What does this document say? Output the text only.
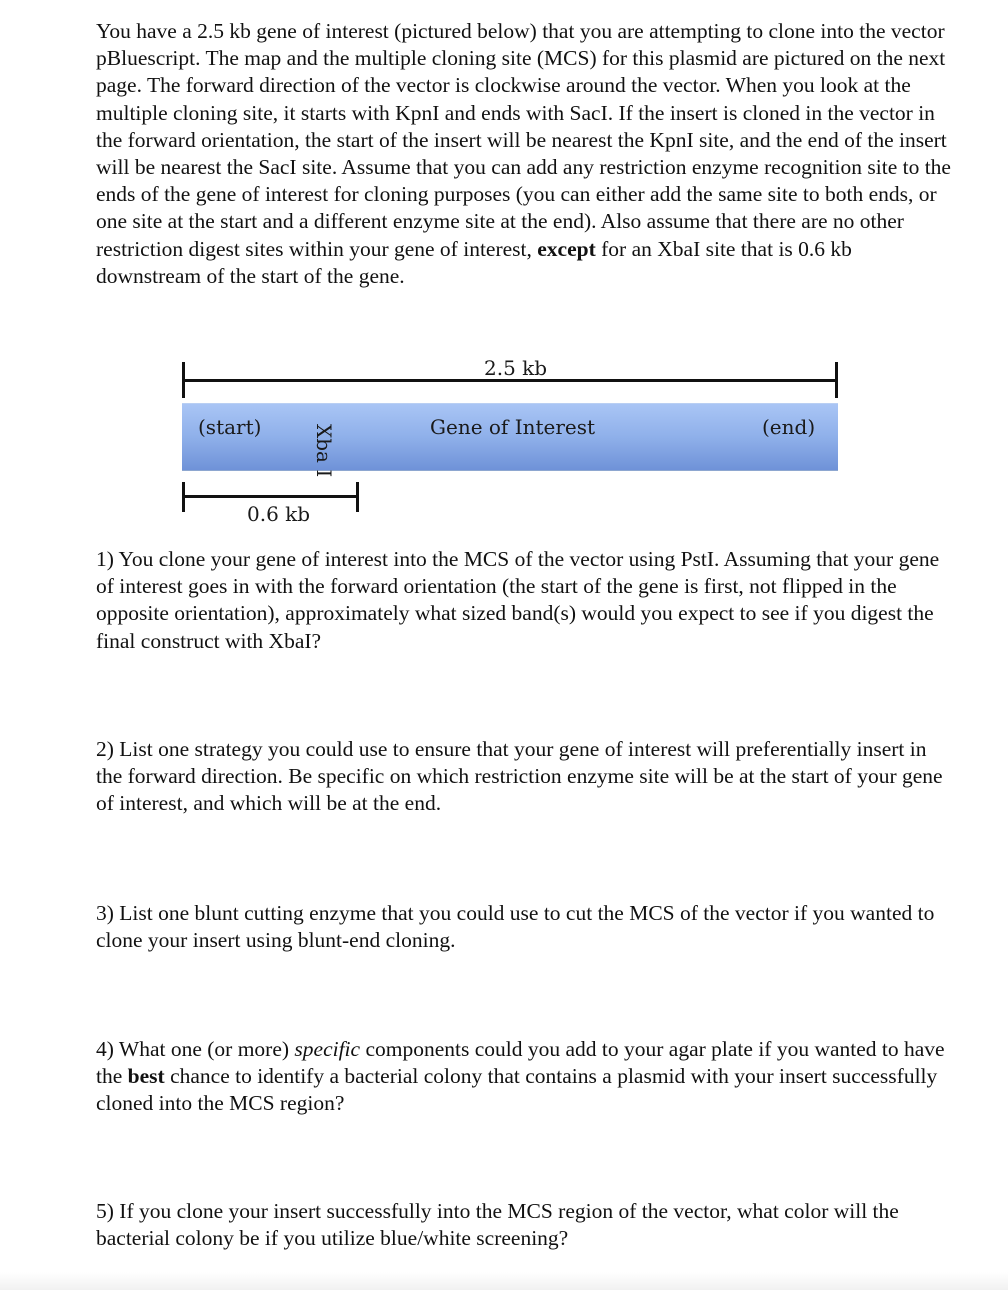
You have a 2.5 kb gene of interest (pictured below) that you are attempting to clone into the vector pBluescript. The map and the multiple cloning site (MCS) for this plasmid are pictured on the next page. The forward direction of the vector is clockwise around the vector. When you look at the multiple cloning site, it starts with KpnI and ends with SacI. If the insert is cloned in the vector in the forward orientation, the start of the insert will be nearest the KpnI site, and the end of the insert will be nearest the SacI site. Assume that you can add any restriction enzyme recognition site to the ends of the gene of interest for cloning purposes (you can either add the same site to both ends, or one site at the start and a different enzyme site at the end). Also assume that there are no other restriction digest sites within your gene of interest, except for an XbaI site that is 0.6 kb downstream of the start of the gene.

2.5 kb
(start)	Xba I	Gene of Interest	(end)
0.6 kb

1) You clone your gene of interest into the MCS of the vector using PstI. Assuming that your gene of interest goes in with the forward orientation (the start of the gene is first, not flipped in the opposite orientation), approximately what sized band(s) would you expect to see if you digest the final construct with XbaI?

2) List one strategy you could use to ensure that your gene of interest will preferentially insert in the forward direction. Be specific on which restriction enzyme site will be at the start of your gene of interest, and which will be at the end.

3) List one blunt cutting enzyme that you could use to cut the MCS of the vector if you wanted to clone your insert using blunt-end cloning.

4) What one (or more) specific components could you add to your agar plate if you wanted to have the best chance to identify a bacterial colony that contains a plasmid with your insert successfully cloned into the MCS region?

5) If you clone your insert successfully into the MCS region of the vector, what color will the bacterial colony be if you utilize blue/white screening?
